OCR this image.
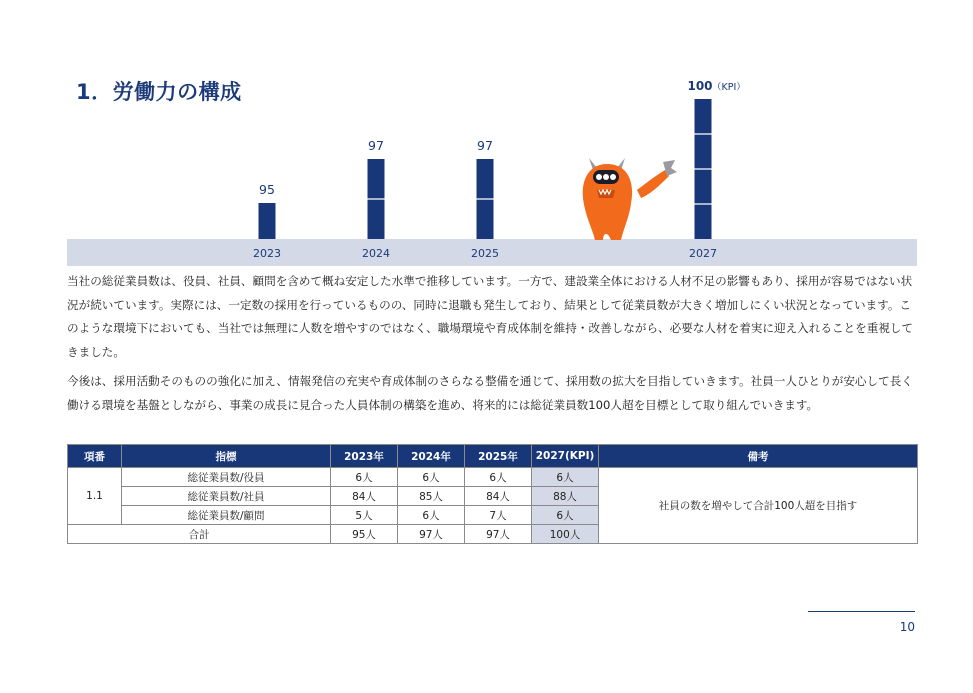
1．労働力の構成
95
2023
97
2024
97
2025
100 （KPI）
2027

当社の総従業員数は、役員、社員、顧問を含めて概ね安定した水準で推移しています。一方で、建設業全体における人材不足の影響もあり、採用が容易ではない状況が続いています。実際には、一定数の採用を行っているものの、同時に退職も発生しており、結果として従業員数が大きく増加しにくい状況となっています。このような環境下においても、当社では無理に人数を増やすのではなく、職場環境や育成体制を維持・改善しながら、必要な人材を着実に迎え入れることを重視してきました。

今後は、採用活動そのものの強化に加え、情報発信の充実や育成体制のさらなる整備を通じて、採用数の拡大を目指していきます。社員一人ひとりが安心して長く働ける環境を基盤としながら、事業の成長に見合った人員体制の構築を進め、将来的には総従業員数100人超を目標として取り組んでいきます。

項番	指標	2023年	2024年	2025年	2027(KPI)	備考
1.1	総従業員数/役員	6人	6人	6人	6人	社員の数を増やして合計100人超を目指す
	総従業員数/社員	84人	85人	84人	88人	
	総従業員数/顧問	5人	6人	7人	6人	
合計		95人	97人	97人	100人	
10
